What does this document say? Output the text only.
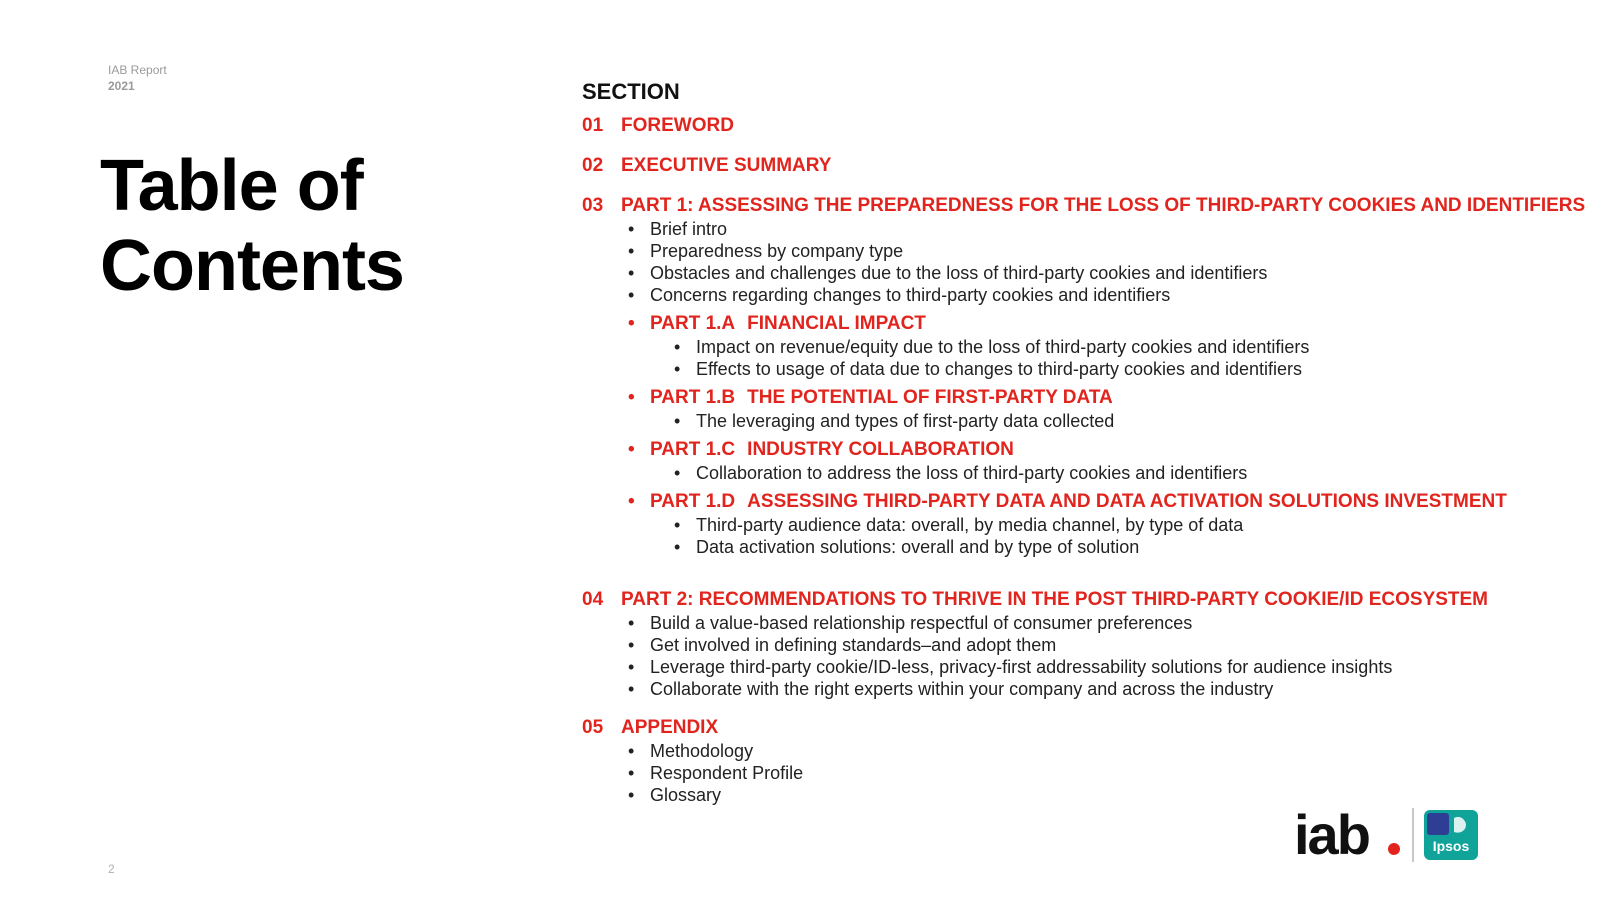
IAB Report
2021
Table of
Contents
2
SECTION
01 FOREWORD
02 EXECUTIVE SUMMARY
03 PART 1: ASSESSING THE PREPAREDNESS FOR THE LOSS OF THIRD-PARTY COOKIES AND IDENTIFIERS
• Brief intro
• Preparedness by company type
• Obstacles and challenges due to the loss of third-party cookies and identifiers
• Concerns regarding changes to third-party cookies and identifiers
• PART 1.A FINANCIAL IMPACT
• Impact on revenue/equity due to the loss of third-party cookies and identifiers
• Effects to usage of data due to changes to third-party cookies and identifiers
• PART 1.B THE POTENTIAL OF FIRST-PARTY DATA
• The leveraging and types of first-party data collected
• PART 1.C INDUSTRY COLLABORATION
• Collaboration to address the loss of third-party cookies and identifiers
• PART 1.D ASSESSING THIRD-PARTY DATA AND DATA ACTIVATION SOLUTIONS INVESTMENT
• Third-party audience data: overall, by media channel, by type of data
• Data activation solutions: overall and by type of solution
04 PART 2: RECOMMENDATIONS TO THRIVE IN THE POST THIRD-PARTY COOKIE/ID ECOSYSTEM
• Build a value-based relationship respectful of consumer preferences
• Get involved in defining standards–and adopt them
• Leverage third-party cookie/ID-less, privacy-first addressability solutions for audience insights
• Collaborate with the right experts within your company and across the industry
05 APPENDIX
• Methodology
• Respondent Profile
• Glossary
iab	Ipsos
